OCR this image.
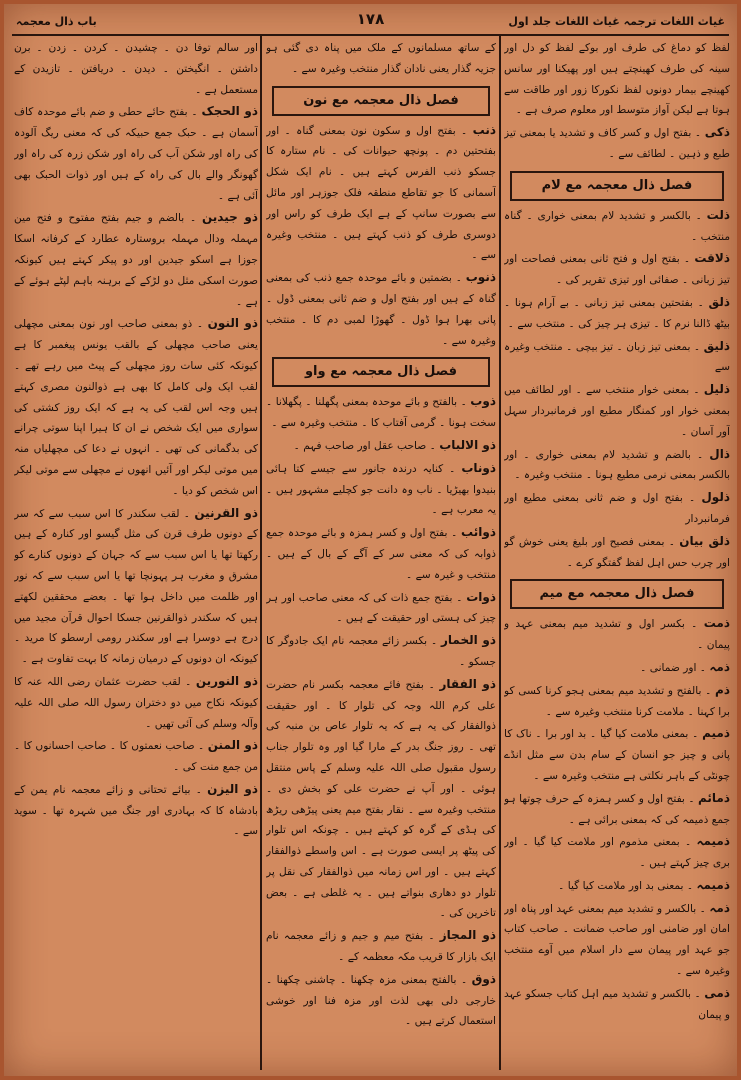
باب ذال معجمہ	۱۷۸	غیاث اللغات ترجمہ غیاث اللغات جلد اول

لفظ کو دماغ کی طرف اور بوکے لفظ کو دل اور سینہ کی طرف کھینچتے ہیں اور پھیکنا اور سانس کھینچے بیمار دونوں لفظ نکورکا زور اور طاقت سے ہوتا ہے لیکن آواز متوسط اور معلوم صرف ہے ۔

ذکی ۔ بفتح اول و کسر کاف و تشدید یا بمعنی تیز طبع و ذہین ۔ لطائف سے ۔

فصل ذال معجمہ مع لام

ذلت ۔ بالکسر و تشدید لام بمعنی خواری ۔ گناہ منتخب ۔

ذلاقت ۔ بفتح اول و فتح ثانی بمعنی فصاحت اور تیز زبانی ۔ صفائی اور تیزی تقریر کی ۔

ذلق ۔ بفتحتین بمعنی تیز زبانی ۔ بے آرام ہونا ۔ بیٹھ ڈالنا نرم کا ۔ تیزی ہر چیز کی ۔ منتخب سے ۔

ذلیق ۔ بمعنی تیز زبان ۔ تیز بیچی ۔ منتخب وغیرہ سے

ذلیل ۔ بمعنی خوار منتخب سے ۔ اور لطائف میں بمعنی خوار اور کمنگار مطیع اور فرمانبردار سہل آور آسان ۔

ذال ۔ بالضم و تشدید لام بمعنی خواری ۔ اور بالکسر بمعنی نرمی مطیع ہونا ۔ منتخب وغیرہ ۔

ذلول ۔ بفتح اول و ضم ثانی بمعنی مطیع اور فرمانبردار

ذلق بیان ۔ بمعنی فصیح اور بلیغ یعنی خوش گو اور چرب حس اہل لفظ گفتگو کرے ۔

فصل ذال معجمہ مع میم

ذمت ۔ بکسر اول و تشدید میم بمعنی عہد و پیمان ۔

ذمہ ۔ اور ضمانی ۔

ذم ۔ بالفتح و تشدید میم بمعنی ہجو کرنا کسی کو برا کہنا ۔ ملامت کرنا منتخب وغیرہ سے ۔

ذمیم ۔ بمعنی ملامت کیا گیا ۔ بد اور برا ۔ ناک کا پانی و چیز جو انسان کے سام بدن سے مثل انڈے چونٹی کے باہر نکلتی ہے منتخب وغیرہ سے ۔

ذمائم ۔ بفتح اول و کسر ہمزہ کے حرف چوتھا ہو جمع ذمیمہ کی کہ بمعنی برائی ہے ۔

ذمیمہ ۔ بمعنی مذموم اور ملامت کیا گیا ۔ اور بری چیز کہتے ہیں ۔

ذمیمہ ۔ بمعنی بد اور ملامت کیا گیا ۔

ذمہ ۔ بالکسر و تشدید میم بمعنی عہد اور پناہ اور امان اور ضامنی اور صاحب ضمانت ۔ صاحب کتاب جو عہد اور پیمان سے دار اسلام میں آوے منتخب وغیرہ سے ۔

ذمی ۔ بالکسر و تشدید میم اہل کتاب جسکو عہد و پیمان

کے ساتھ مسلمانوں کے ملک میں پناہ دی گئی ہو جزیہ گذار یعنی نادان گذار منتخب وغیرہ سے ۔

فصل ذال معجمہ مع نون

ذنب ۔ بفتح اول و سکون نون بمعنی گناہ ۔ اور بفتحتین دم ۔ پونچھ حیوانات کی ۔ نام ستارہ کا جسکو ذنب الفرس کہتے ہیں ۔ نام ایک شکل آسمانی کا جو تقاطع منطقہ فلک جوزہر اور مائل سے بصورت سانپ کے ہے ایک طرف کو راس اور دوسری طرف کو ذنب کہتے ہیں ۔ منتخب وغیرہ سے ۔

ذنوب ۔ بضمتین و بائے موحدہ جمع ذنب کی بمعنی گناہ کے ہیں اور بفتح اول و ضم ثانی بمعنی ڈول ۔ پانی بھرا ہوا ڈول ۔ گھوڑا لمبی دم کا ۔ منتخب وغیرہ سے ۔

فصل ذال معجمہ مع واو

ذوب ۔ بالفتح و بائے موحدہ بمعنی پگھلنا ۔ پگھلانا ۔ سخت ہونا ۔ گرمی آفتاب کا ۔ منتخب وغیرہ سے ۔

ذو الالباب ۔ صاحب عقل اور صاحب فہم ۔

ذوناب ۔ کنایہ درندہ جانور سے جیسے کتا ہائی بنیدوا بھیڑیا ۔ ناب وہ دانت جو کچلیے مشہور ہیں ۔ یہ معرب ہے ۔

ذوائب ۔ بفتح اول و کسر ہمزہ و بائے موحدہ جمع ذوابہ کی کہ معنی سر کے آگے کے بال کے ہیں ۔ منتخب و غیرہ سے ۔

ذوات ۔ بفتح جمع ذات کی کہ معنی صاحب اور ہر چیز کی ہستی اور حقیقت کے ہیں ۔

ذو الخمار ۔ بکسر زائے معجمہ نام ایک جادوگر کا جسکو ۔

ذو الفقار ۔ بفتح فائے معجمہ بکسر نام حضرت علی کرم اللہ وجہ کی تلوار کا ۔ اور حقیقت ذوالفقار کی یہ ہے کہ یہ تلوار عاص بن منبہ کی تھی ۔ روز جنگ بدر کے مارا گیا اور وہ تلوار جناب رسول مقبول صلی اللہ علیہ وسلم کے پاس منتقل ہوئی ۔ اور آپ نے حضرت علی کو بخش دی ۔ منتخب وغیرہ سے ۔ نقار بفتح میم یعنی پیڑھی ریڑھ کی ہڈی کے گرہ کو کہتے ہیں ۔ چونکہ اس تلوار کی پیٹھ پر ایسی صورت ہے ۔ اس واسطے ذوالفقار کہتے ہیں ۔ اور اس زمانہ میں ذوالفقار کی نقل پر تلوار دو دھاری بنواتے ہیں ۔ یہ غلطی ہے ۔ بعض تاخرین کی ۔

ذو المجاز ۔ بفتح میم و جیم و زائے معجمہ نام ایک بازار کا قریب مکہ معظمہ کے ۔

ذوق ۔ بالفتح بمعنی مزہ چکھنا ۔ چاشنی چکھنا ۔ خارجی دلی بھی لذت اور مزہ فنا اور خوشی استعمال کرتے ہیں ۔

اور سالم توفا دن ۔ چشیدن ۔ کردن ۔ زدن ۔ برن داشتن ۔ انگیختن ۔ دیدن ۔ دریافتن ۔ تازیدن کے مستعمل ہے ۔

ذو الحجک ۔ بفتح حائے حطی و ضم بائے موحدہ کاف آسمان ہے ۔ حبک جمع حبیکہ کی کہ معنی ریگ آلودہ کی راہ اور شکن آب کی راہ اور شکن زرہ کی راہ اور گھونگر والے بال کی راہ کے ہیں اور ذوات الحبک بھی آئی ہے ۔

ذو جیدین ۔ بالضم و جیم بفتح مفتوح و فتح مین مہملہ ودال مہملہ بروستارہ عطارد کے کرفانہ اسکا جوزا ہے اسکو جیدین اور دو پیکر کہتے ہیں کیونکہ صورت اسکی مثل دو لڑکے کے برہنہ باہم لپٹے ہوئے کے ہے ۔

ذو النون ۔ ذو بمعنی صاحب اور نون بمعنی مچھلی یعنی صاحب مچھلی کے بالقب یونس پیغمبر کا ہے کیونکہ کئی سات روز مچھلی کے پیٹ میں رہے تھے ۔ لقب ایک ولی کامل کا بھی ہے ذوالنون مصری کہتے ہیں وجہ اس لقب کی یہ ہے کہ ایک روز کشتی کی سواری میں ایک شخص نے ان کا ہیرا اپنا سوتی چرانے کی بدگمانی کی تھی ۔ انہوں نے دعا کی مچھلیاں منہ میں موتی لیکر اور آئیں انھوں نے مچھلی سے موتی لیکر اس شخص کو دیا ۔

ذو القرنین ۔ لقب سکندر کا اس سبب سے کہ سر کے دونوں طرف قرن کی مثل گیسو اور کنارہ کے ہیں رکھتا تھا یا اس سبب سے کہ جہان کے دونوں کنارے کو مشرق و مغرب ہر پہونچا تھا یا اس سبب سے کہ نور اور ظلمت میں داخل ہوا تھا ۔ بعضے محققین لکھتے ہیں کہ سکندر ذوالقرنین جسکا احوال قرآن مجید میں درج ہے دوسرا ہے اور سکندر رومی ارسطو کا مرید ۔ کیونکہ ان دونوں کے درمیان زمانہ کا بہت تفاوت ہے ۔

ذو النورین ۔ لقب حضرت عثمان رضی اللہ عنہ کا کیونکہ نکاح میں دو دختران رسول اللہ صلی اللہ علیہ وآلہ وسلم کی آئی تھیں ۔

ذو المنن ۔ صاحب نعمتوں کا ۔ صاحب احسانوں کا ۔ من جمع منت کی ۔

ذو الیزن ۔ بیائے تحتانی و زائے معجمہ نام یمن کے بادشاہ کا کہ بہادری اور جنگ میں شہرہ تھا ۔ سوید سے ۔
